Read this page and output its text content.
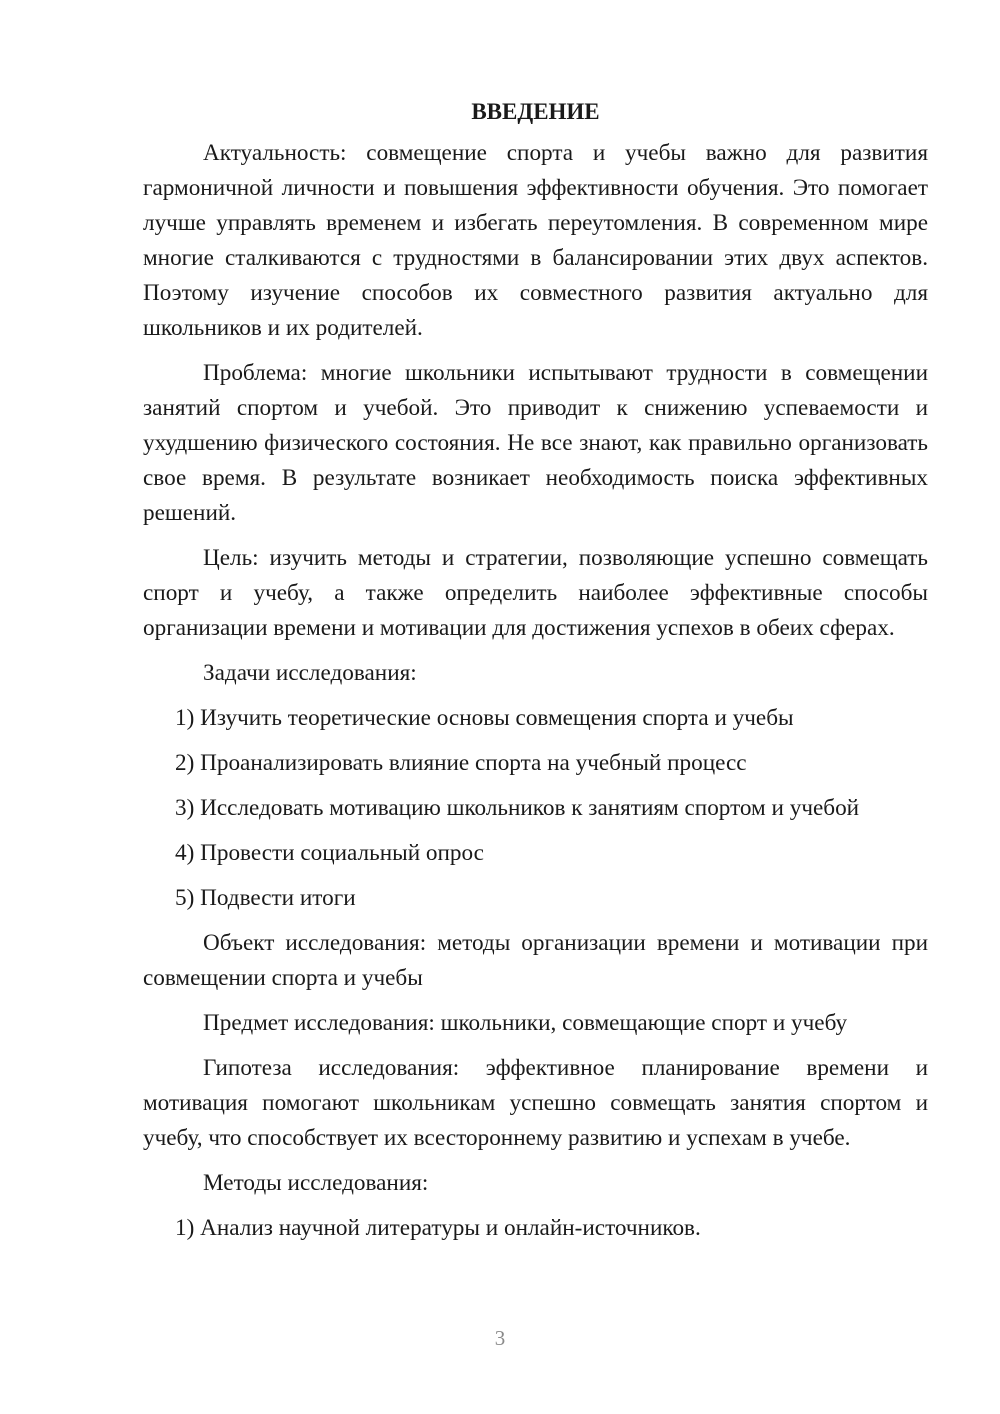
ВВЕДЕНИЕ

Актуальность: совмещение спорта и учебы важно для развития гармоничной личности и повышения эффективности обучения. Это помогает лучше управлять временем и избегать переутомления. В современном мире многие сталкиваются с трудностями в балансировании этих двух аспектов. Поэтому изучение способов их совместного развития актуально для школьников и их родителей.

Проблема: многие школьники испытывают трудности в совмещении занятий спортом и учебой. Это приводит к снижению успеваемости и ухудшению физического состояния. Не все знают, как правильно организовать свое время. В результате возникает необходимость поиска эффективных решений.

Цель: изучить методы и стратегии, позволяющие успешно совмещать спорт и учебу, а также определить наиболее эффективные способы организации времени и мотивации для достижения успехов в обеих сферах.

Задачи исследования:

1) Изучить теоретические основы совмещения спорта и учебы

2) Проанализировать влияние спорта на учебный процесс

3) Исследовать мотивацию школьников к занятиям спортом и учебой

4) Провести социальный опрос

5) Подвести итоги

Объект исследования: методы организации времени и мотивации при совмещении спорта и учебы

Предмет исследования: школьники, совмещающие спорт и учебу

Гипотеза исследования: эффективное планирование времени и мотивация помогают школьникам успешно совмещать занятия спортом и учебу, что способствует их всестороннему развитию и успехам в учебе.

Методы исследования:

1) Анализ научной литературы и онлайн-источников.

3
